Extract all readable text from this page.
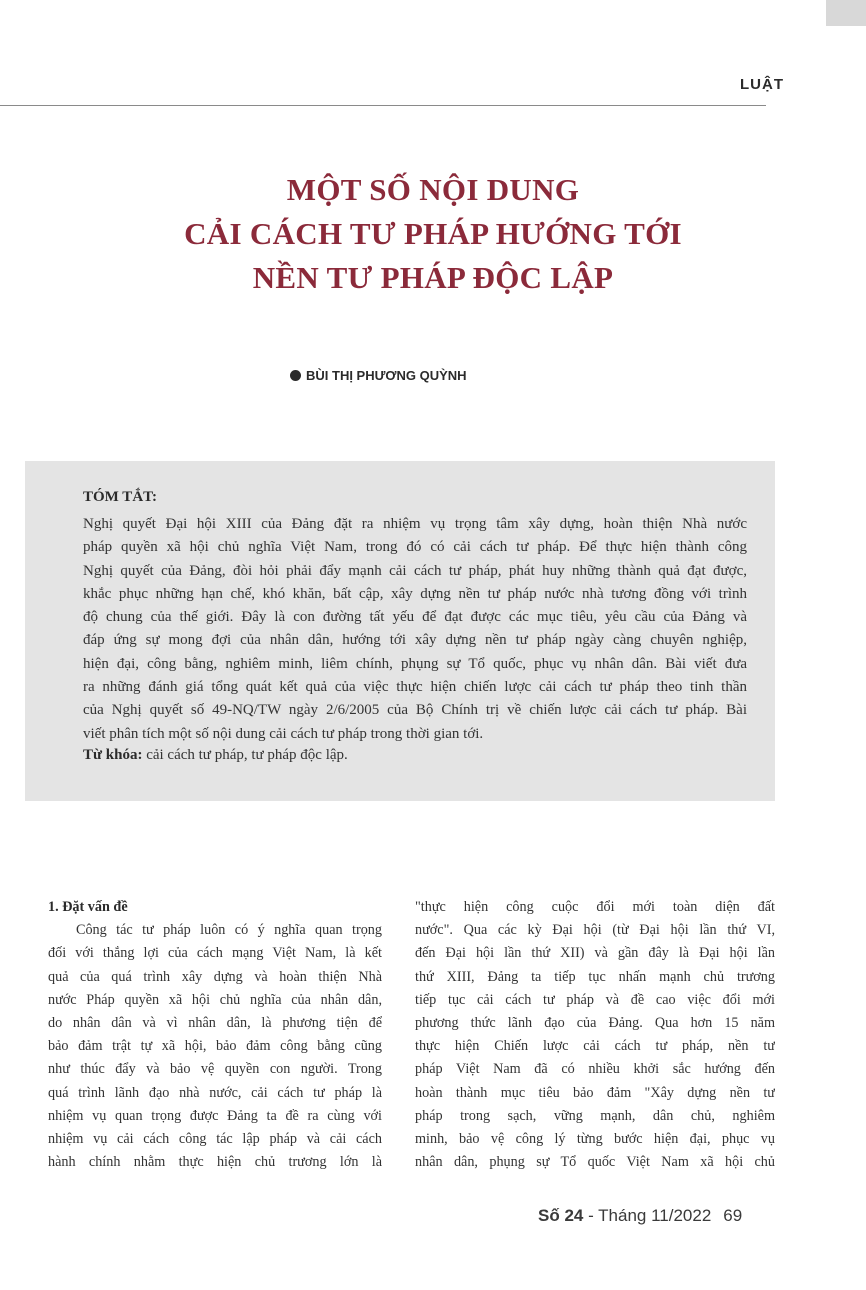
LUẬT
MỘT SỐ NỘI DUNG
CẢI CÁCH TƯ PHÁP HƯỚNG TỚI
NỀN TƯ PHÁP ĐỘC LẬP
BÙI THỊ PHƯƠNG QUỲNH
TÓM TẮT:
Nghị quyết Đại hội XIII của Đảng đặt ra nhiệm vụ trọng tâm xây dựng, hoàn thiện Nhà nước
pháp quyền xã hội chủ nghĩa Việt Nam, trong đó có cải cách tư pháp. Để thực hiện thành công
Nghị quyết của Đảng, đòi hỏi phải đẩy mạnh cải cách tư pháp, phát huy những thành quả đạt được,
khắc phục những hạn chế, khó khăn, bất cập, xây dựng nền tư pháp nước nhà tương đồng với trình
độ chung của thế giới. Đây là con đường tất yếu để đạt được các mục tiêu, yêu cầu của Đảng và
đáp ứng sự mong đợi của nhân dân, hướng tới xây dựng nền tư pháp ngày càng chuyên nghiệp,
hiện đại, công bằng, nghiêm minh, liêm chính, phụng sự Tổ quốc, phục vụ nhân dân. Bài viết đưa
ra những đánh giá tổng quát kết quả của việc thực hiện chiến lược cải cách tư pháp theo tinh thần
của Nghị quyết số 49-NQ/TW ngày 2/6/2005 của Bộ Chính trị về chiến lược cải cách tư pháp. Bài
viết phân tích một số nội dung cải cách tư pháp trong thời gian tới.
Từ khóa: cải cách tư pháp, tư pháp độc lập.
1. Đặt vấn đề
Công tác tư pháp luôn có ý nghĩa quan trọng
đối với thắng lợi của cách mạng Việt Nam, là kết
quả của quá trình xây dựng và hoàn thiện Nhà
nước Pháp quyền xã hội chủ nghĩa của nhân dân,
do nhân dân và vì nhân dân, là phương tiện để
bảo đảm trật tự xã hội, bảo đảm công bằng cũng
như thúc đẩy và bảo vệ quyền con người. Trong
quá trình lãnh đạo nhà nước, cải cách tư pháp là
nhiệm vụ quan trọng được Đảng ta đề ra cùng với
nhiệm vụ cải cách công tác lập pháp và cải cách
hành chính nhằm thực hiện chủ trương lớn là
"thực hiện công cuộc đổi mới toàn diện đất
nước". Qua các kỳ Đại hội (từ Đại hội lần thứ VI,
đến Đại hội lần thứ XII) và gần đây là Đại hội lần
thứ XIII, Đảng ta tiếp tục nhấn mạnh chủ trương
tiếp tục cải cách tư pháp và đề cao việc đổi mới
phương thức lãnh đạo của Đảng. Qua hơn 15 năm
thực hiện Chiến lược cải cách tư pháp, nền tư
pháp Việt Nam đã có nhiều khởi sắc hướng đến
hoàn thành mục tiêu bảo đảm "Xây dựng nền tư
pháp trong sạch, vững mạnh, dân chủ, nghiêm
minh, bảo vệ công lý từng bước hiện đại, phục vụ
nhân dân, phụng sự Tổ quốc Việt Nam xã hội chủ
Số 24 - Tháng 11/2022 69
